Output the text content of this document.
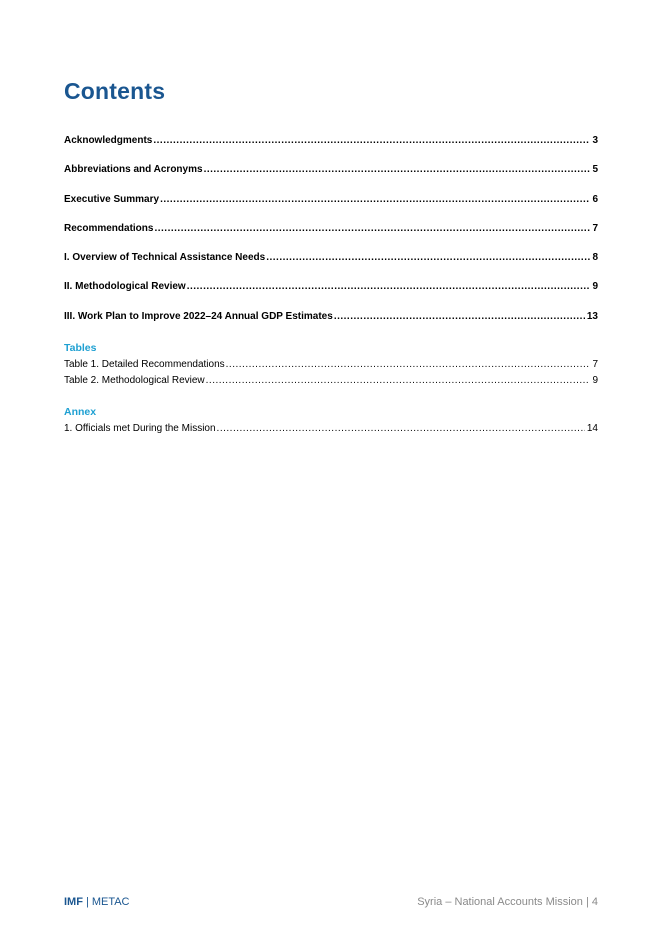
Contents
Acknowledgments .....	3
Abbreviations and Acronyms .....	5
Executive Summary .....	6
Recommendations .....	7
I. Overview of Technical Assistance Needs .....	8
II. Methodological Review .....	9
III. Work Plan to Improve 2022–24 Annual GDP Estimates .....	13
Tables
Table 1. Detailed Recommendations .....	7
Table 2. Methodological Review .....	9
Annex
1. Officials met During the Mission .....	14
IMF | METAC	Syria – National Accounts Mission | 4
